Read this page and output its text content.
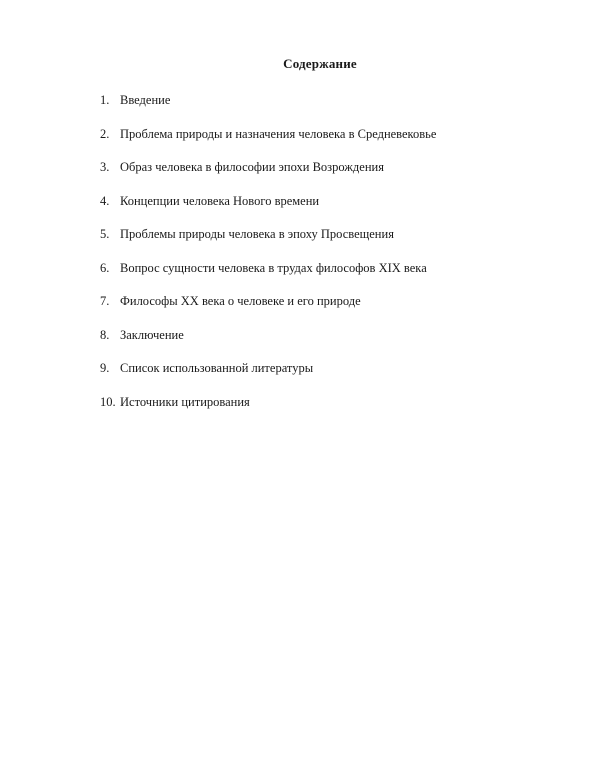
Содержание
1. Введение
2. Проблема природы и назначения человека в Средневековье
3. Образ человека в философии эпохи Возрождения
4. Концепции человека Нового времени
5. Проблемы природы человека в эпоху Просвещения
6. Вопрос сущности человека в трудах философов XIX века
7. Философы XX века о человеке и его природе
8. Заключение
9. Список использованной литературы
10. Источники цитирования
